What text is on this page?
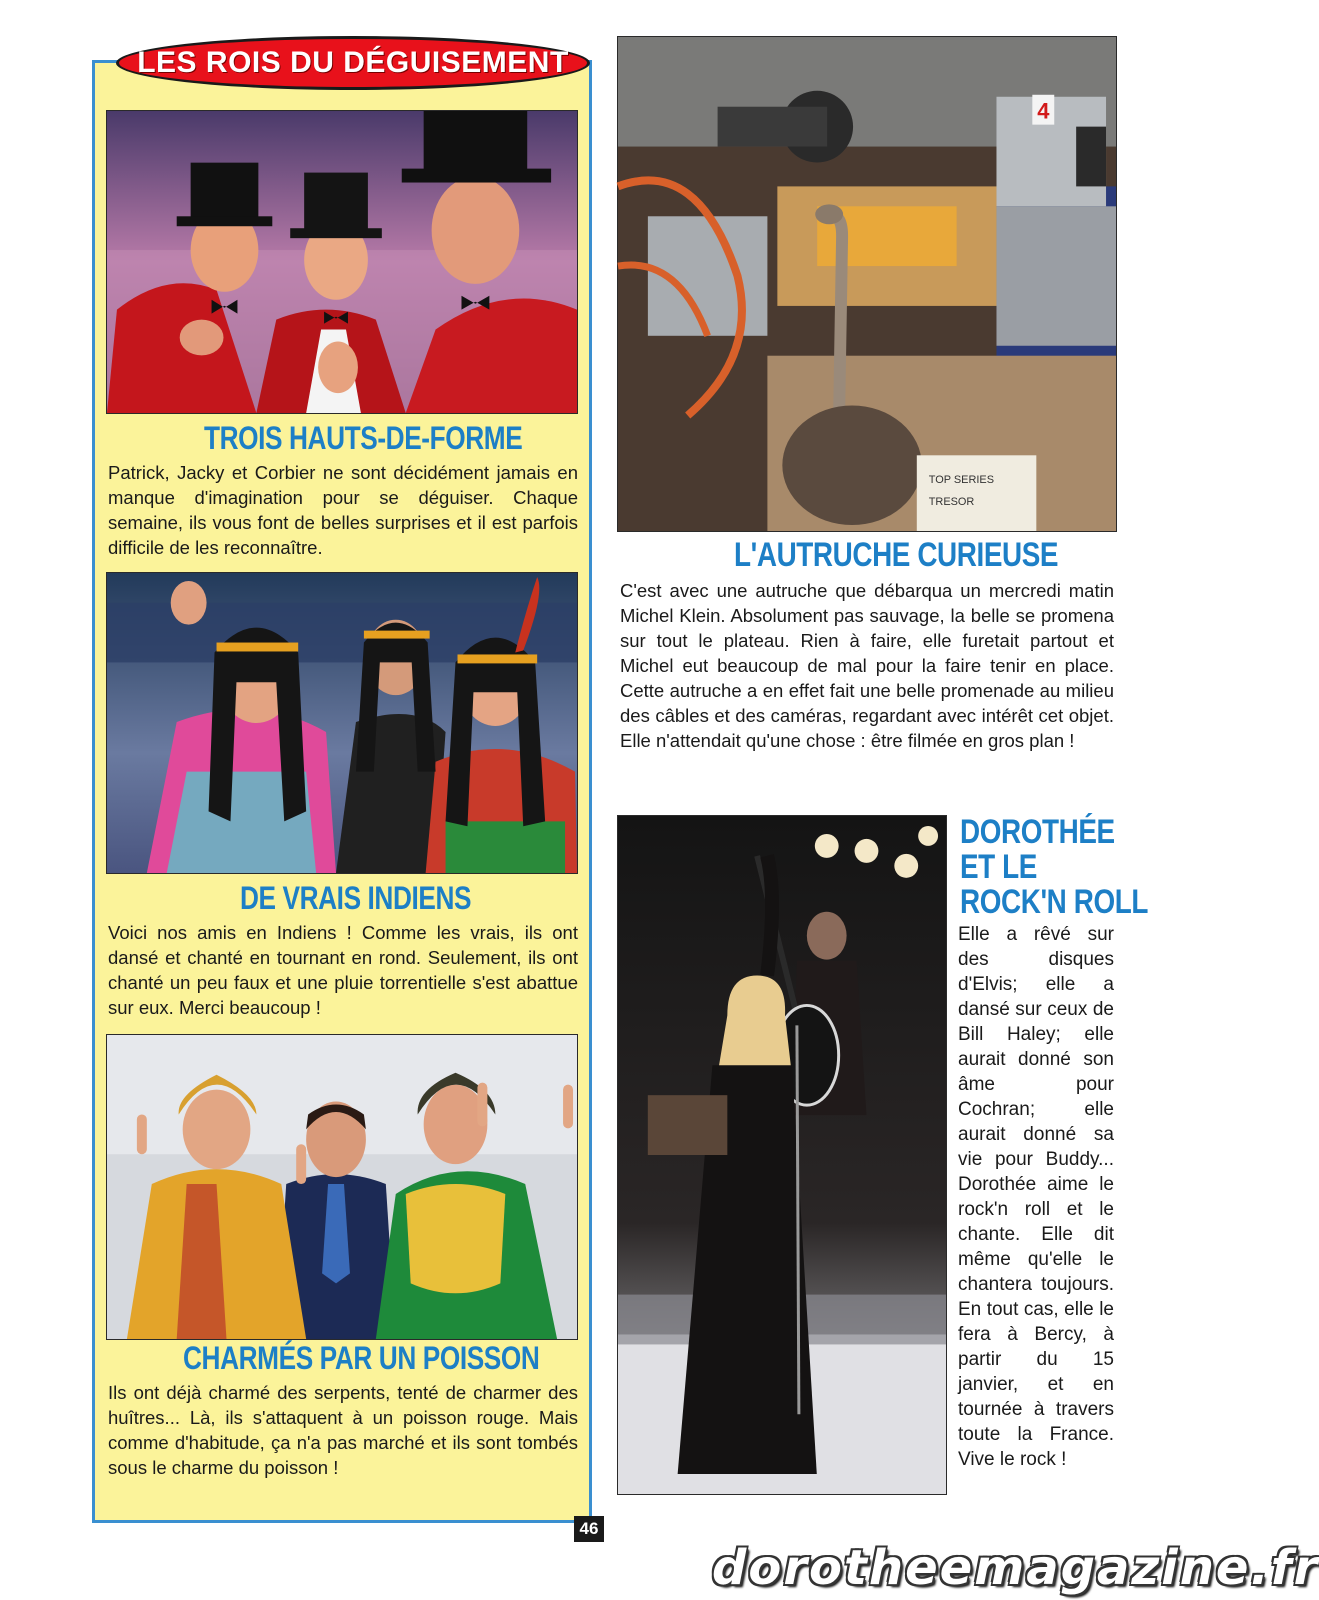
LES ROIS DU DÉGUISEMENT
TROIS HAUTS-DE-FORME
Patrick, Jacky et Corbier ne sont décidément jamais en manque d'imagination pour se déguiser. Chaque semaine, ils vous font de belles surprises et il est parfois difficile de les reconnaître.
DE VRAIS INDIENS
Voici nos amis en Indiens ! Comme les vrais, ils ont dansé et chanté en tournant en rond. Seulement, ils ont chanté un peu faux et une pluie torrentielle s'est abattue sur eux. Merci beaucoup !
CHARMÉS PAR UN POISSON
Ils ont déjà charmé des serpents, tenté de charmer des huîtres... Là, ils s'attaquent à un poisson rouge. Mais comme d'habitude, ça n'a pas marché et ils sont tombés sous le charme du poisson !
4
TOP SERIES
TRESOR
L'AUTRUCHE CURIEUSE
C'est avec une autruche que débarqua un mercredi matin Michel Klein. Absolument pas sauvage, la belle se promena sur tout le plateau. Rien à faire, elle furetait partout et Michel eut beaucoup de mal pour la faire tenir en place. Cette autruche a en effet fait une belle promenade au milieu des câbles et des caméras, regardant avec intérêt cet objet. Elle n'attendait qu'une chose : être filmée en gros plan !
DOROTHÉE
ET LE
ROCK'N ROLL
Elle a rêvé sur des disques d'Elvis; elle a dansé sur ceux de Bill Haley; elle aurait donné son âme pour Cochran; elle aurait donné sa vie pour Buddy... Dorothée aime le rock'n roll et le chante. Elle dit même qu'elle le chantera toujours. En tout cas, elle le fera à Bercy, à partir du 15 janvier, et en tournée à travers toute la France. Vive le rock !
46
dorotheemagazine.fr
